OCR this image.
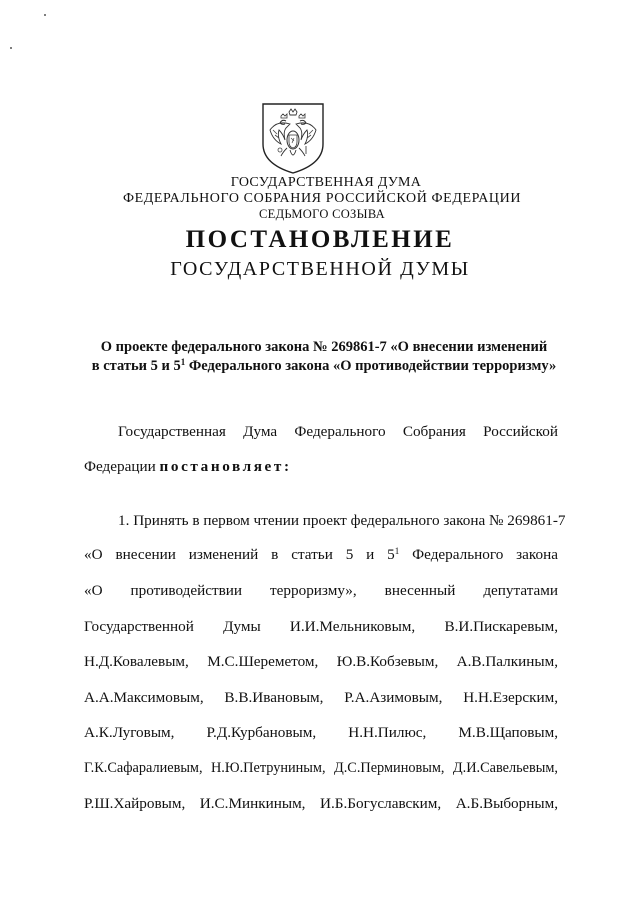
ГОСУДАРСТВЕННАЯ ДУМА
ФЕДЕРАЛЬНОГО СОБРАНИЯ РОССИЙСКОЙ ФЕДЕРАЦИИ
СЕДЬМОГО СОЗЫВА
ПОСТАНОВЛЕНИЕ
ГОСУДАРСТВЕННОЙ ДУМЫ
О проекте федерального закона № 269861-7 «О внесении изменений
в статьи 5 и $5^1$ Федерального закона «О противодействии терроризму»
Государственная Дума Федерального Собрания Российской
Федерации постановляет:
1. Принять в первом чтении проект федерального закона № 269861-7
«О внесении изменений в статьи 5 и $5^1$ Федерального закона
«О противодействии терроризму», внесенный депутатами
Государственной Думы И.И.Мельниковым, В.И.Пискаревым,
Н.Д.Ковалевым, М.С.Шереметом, Ю.В.Кобзевым, А.В.Палкиным,
А.А.Максимовым, В.В.Ивановым, Р.А.Азимовым, Н.Н.Езерским,
А.К.Луговым, Р.Д.Курбановым, Н.Н.Пилюс, М.В.Щаповым,
Г.К.Сафаралиевым, Н.Ю.Петруниным, Д.С.Перминовым, Д.И.Савельевым,
Р.Ш.Хайровым, И.С.Минкиным, И.Б.Богуславским, А.Б.Выборным,
